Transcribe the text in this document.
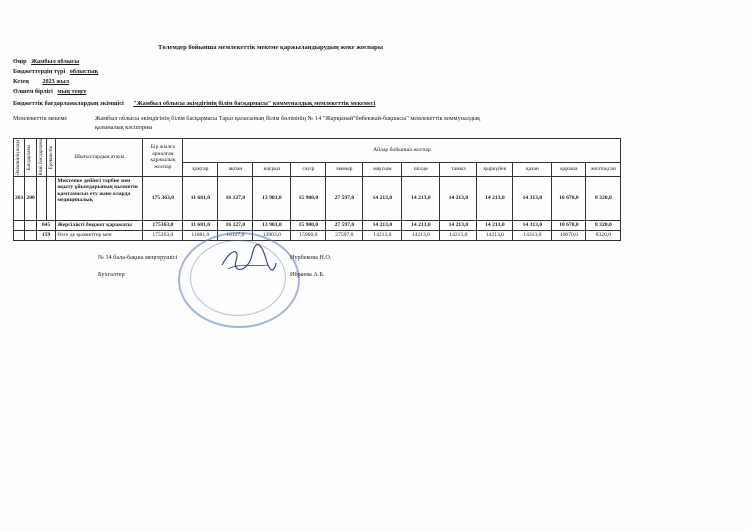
Төлемдер бойынша мемлекеттік мекеме қаржыландырудың жеке жоспары
Өңір Жамбыл облысы
Бюджеттердің түрі облыстық
Кезең 2023 жыл
Өлшем бірлігі мың теңге
Бюджеттік бағдарламалардың әкімшісі "Жамбыл облысы әкімдігінің білім басқармасы" коммуналдық мемлекеттік мекемесі
Мемлекеттік мекеме	Жамбыл облысы әкімдігінің білім басқармасы Тараз қаласының білім бөлімінің № 14 "Жарқынай"бөбекжай-бақшасы" мемлекеттік коммуналдық
қазыналық кәсіпорны
Әкімшінің коды	Бағдарлама	Кіші бағдарлама	Ерекшелік	Шығыстардың атауы	Бір жылға арналған қаржылық жоспар	Айлар бойынша жоспар											
						қаңтар	ақпан	наурыз	сәуір	мамыр	маусым	шілде	тамыз	қыркүйек	қазан	қараша	желтоқсан
261	200			Мектепке дейінгі тәрбие мен оқыту ұйымдарының қызметін қамтамасыз ету және оларда медициналық	175 363,0	11 681,0	16 127,0	13 903,0	15 900,0	27 597,0	14 213,0	14 213,0	14 213,0	14 213,0	14 313,0	10 670,0	8 320,0
		045		Жергілікті бюджет қаражаты	175363,0	11 681,0	16 127,0	13 903,0	15 900,0	27 597,0	14 213,0	14 213,0	14 213,0	14 213,0	14 313,0	10 670,0	8 320,0
		159		Өзге де қызметтер мен	175363,0	11681,0	16127,0	13903,0	15900,0	27597,0	14213,0	14213,0	14213,0	14213,0	14313,0	10670,0	8320,0
№ 14 бала-бақша меңгерушісі	Нурбекова Н.О.
Бухгалтер	Ибраева А.Б.
